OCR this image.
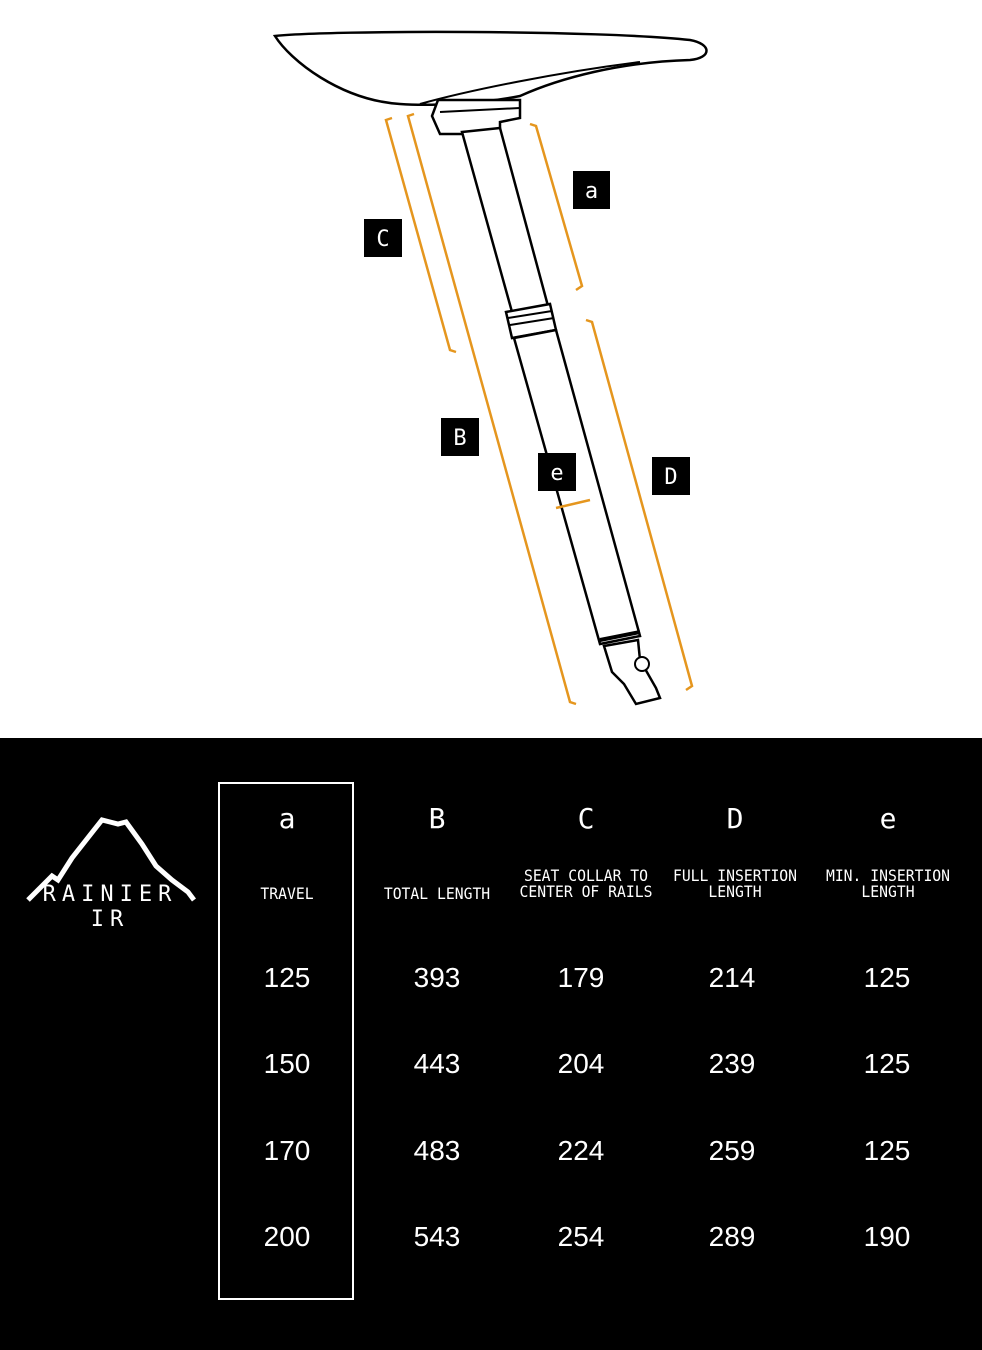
a
C
B
e	D
RAINIER IR
a
TRAVEL
125
150
170
200
B
TOTAL LENGTH
393
443
483
543
C
SEAT COLLAR TO
CENTER OF RAILS
179
204
224
254
D
FULL INSERTION
LENGTH
214
239
259
289
e
MIN. INSERTION
LENGTH
125
125
125
190
